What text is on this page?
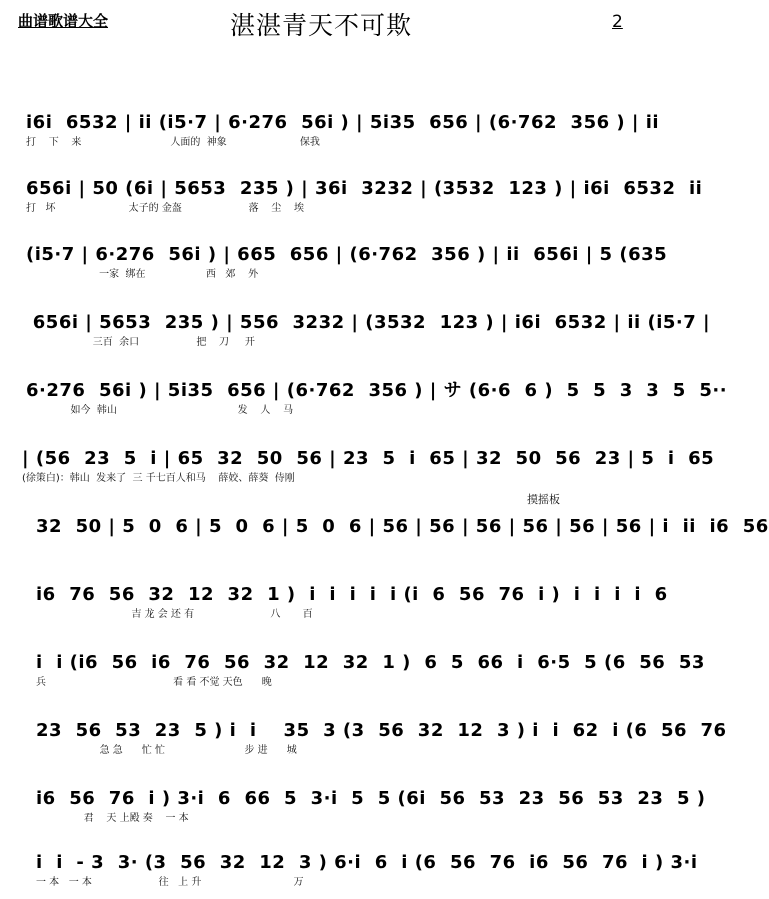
曲谱歌谱大全	湛湛青天不可欺	2
摸摇板
i6i  6532 | ii (i5·7 | 6·276  56i ) | 5i35  656 | (6·762  356 ) | ii
打    下    来                            人面的  神象                       保我
656i | 50 (6i | 5653  235 ) | 36i  3232 | (3532  123 ) | i6i  6532  ii
打   坏                       太子的 金盔                     落    尘    埃
(i5·7 | 6·276  56i ) | 665  656 | (6·762  356 ) | ii  656i | 5 (635
一家  绑在                   西   郊    外
656i | 5653  235 ) | 556  3232 | (3532  123 ) | i6i  6532 | ii (i5·7 |
三百  余口                  把    刀     开
6·276  56i ) | 5i35  656 | (6·762  356 ) | サ (6·6  6 )  5  5  3  3  5  5··
如今  韩山                                      发    人    马
| (56  23  5  i | 65  32  50  56 | 23  5  i  65 | 32  50  56  23 | 5  i  65
(徐策白)：韩山  发来了  三 千七百人和马    薛姣、薛葵  侍刚
32  50 | 5  0  6 | 5  0  6 | 5  0  6 | 56 | 56 | 56 | 56 | 56 | 56 | i  ii  i6  56
i6  76  56  32  12  32  1 )  i  i  i  i  i (i  6  56  76  i )  i  i  i  i  6
吉 龙 会 还 有                        八       百
i  i (i6  56  i6  76  56  32  12  32  1 )  6  5  66  i  6·5  5 (6  56  53
兵                                        看 看 不觉 天色      晚
23  56  53  23  5 ) i  i    35  3 (3  56  32  12  3 ) i  i  62  i (6  56  76
急 急      忙 忙                         步 进      城
i6  56  76  i ) 3·i  6  66  5  3·i  5  5 (6i  56  53  23  56  53  23  5 )
君    天 上殿 奏    一 本
i  i  - 3  3· (3  56  32  12  3 ) 6·i  6  i (6  56  76  i6  56  76  i ) 3·i
一 本   一 本                     往   上 升                             万
